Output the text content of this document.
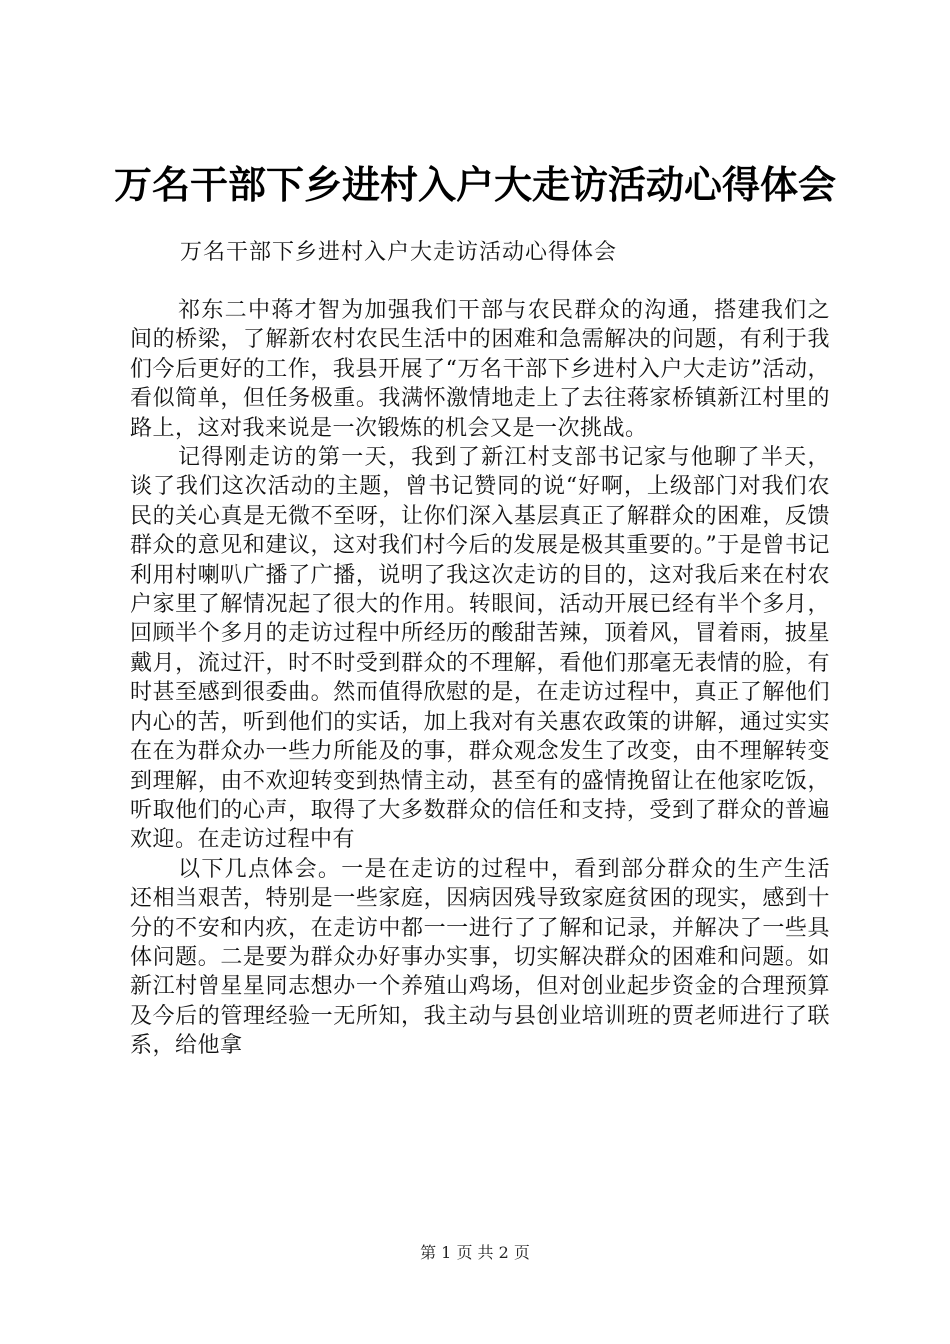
万名干部下乡进村入户大走访活动心得体会

万名干部下乡进村入户大走访活动心得体会

祁东二中蒋才智为加强我们干部与农民群众的沟通，搭建我们之间的桥梁，了解新农村农民生活中的困难和急需解决的问题，有利于我们今后更好的工作，我县开展了“万名干部下乡进村入户大走访”活动，看似简单，但任务极重。我满怀激情地走上了去往蒋家桥镇新江村里的路上，这对我来说是一次锻炼的机会又是一次挑战。

记得刚走访的第一天，我到了新江村支部书记家与他聊了半天，谈了我们这次活动的主题，曾书记赞同的说“好啊，上级部门对我们农民的关心真是无微不至呀，让你们深入基层真正了解群众的困难，反馈群众的意见和建议，这对我们村今后的发展是极其重要的。”于是曾书记利用村喇叭广播了广播，说明了我这次走访的目的，这对我后来在村农户家里了解情况起了很大的作用。转眼间，活动开展已经有半个多月，回顾半个多月的走访过程中所经历的酸甜苦辣，顶着风，冒着雨，披星戴月，流过汗，时不时受到群众的不理解，看他们那毫无表情的脸，有时甚至感到很委曲。然而值得欣慰的是，在走访过程中，真正了解他们内心的苦，听到他们的实话，加上我对有关惠农政策的讲解，通过实实在在为群众办一些力所能及的事，群众观念发生了改变，由不理解转变到理解，由不欢迎转变到热情主动，甚至有的盛情挽留让在他家吃饭，听取他们的心声，取得了大多数群众的信任和支持，受到了群众的普遍欢迎。在走访过程中有

以下几点体会。一是在走访的过程中，看到部分群众的生产生活还相当艰苦，特别是一些家庭，因病因残导致家庭贫困的现实，感到十分的不安和内疚，在走访中都一一进行了了解和记录，并解决了一些具体问题。二是要为群众办好事办实事，切实解决群众的困难和问题。如新江村曾星星同志想办一个养殖山鸡场，但对创业起步资金的合理预算及今后的管理经验一无所知，我主动与县创业培训班的贾老师进行了联系，给他拿

第 1 页 共 2 页
